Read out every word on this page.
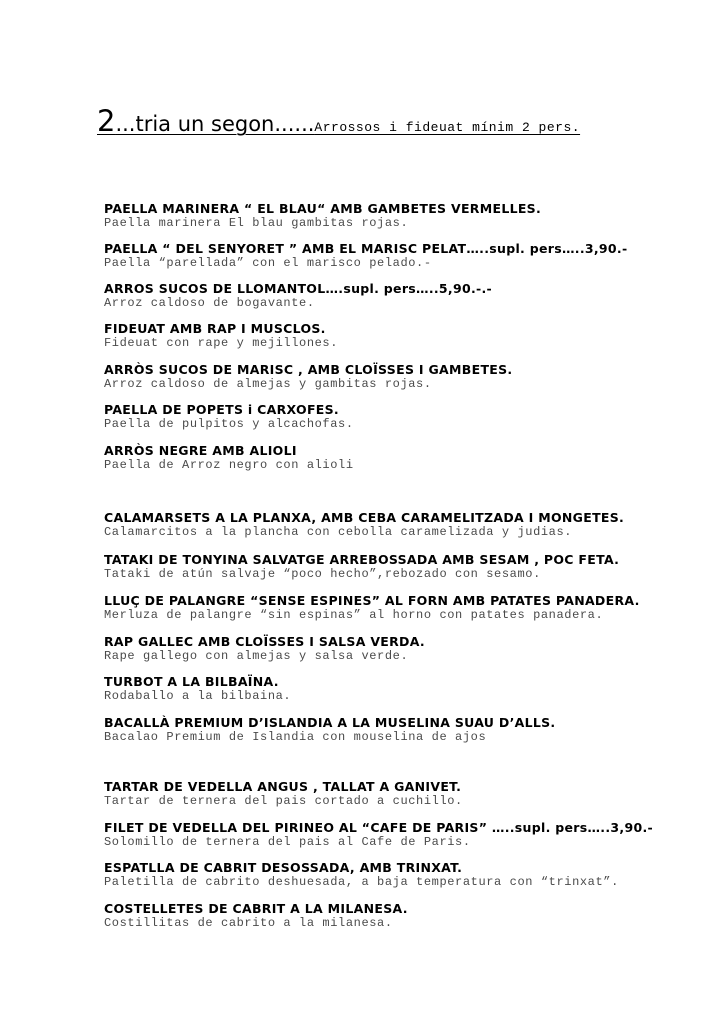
2...tria un segon......Arrossos i fideuat mínim 2 pers.
PAELLA MARINERA “ EL BLAU“ AMB GAMBETES VERMELLES.
Paella marinera El blau gambitas rojas.
PAELLA “ DEL SENYORET ” AMB EL MARISC PELAT…..supl. pers…..3,90.-
Paella “parellada” con el marisco pelado.-
ARROS SUCOS DE LLOMANTOL….supl. pers…..5,90.-.-
Arroz caldoso de bogavante.
FIDEUAT AMB RAP I MUSCLOS.
Fideuat con rape y mejillones.
ARRÒS SUCOS DE MARISC , AMB CLOÏSSES I GAMBETES.
Arroz caldoso de almejas y gambitas rojas.
PAELLA DE POPETS i CARXOFES.
Paella de pulpitos y alcachofas.
ARRÒS NEGRE AMB ALIOLI
Paella de Arroz negro con alioli
CALAMARSETS A LA PLANXA, AMB CEBA CARAMELITZADA I MONGETES.
Calamarcitos a la plancha con cebolla caramelizada y judias.
TATAKI DE TONYINA SALVATGE ARREBOSSADA AMB SESAM , POC FETA.
Tataki de atún salvaje “poco hecho”,rebozado con sesamo.
LLUÇ DE PALANGRE “SENSE ESPINES” AL FORN AMB PATATES PANADERA.
Merluza de palangre “sin espinas” al horno con patates panadera.
RAP GALLEC AMB CLOÏSSES I SALSA VERDA.
Rape gallego con almejas y salsa verde.
TURBOT A LA BILBAÏNA.
Rodaballo a la bilbaina.
BACALLÀ PREMIUM D’ISLANDIA A LA MUSELINA SUAU D’ALLS.
Bacalao Premium de Islandia con mouselina de ajos
TARTAR DE VEDELLA ANGUS , TALLAT A GANIVET.
Tartar de ternera del pais cortado a cuchillo.
FILET DE VEDELLA DEL PIRINEO AL “CAFE DE PARIS” …..supl. pers…..3,90.-
Solomillo de ternera del pais al Cafe de Paris.
ESPATLLA DE CABRIT DESOSSADA, AMB TRINXAT.
Paletilla de cabrito deshuesada, a baja temperatura con “trinxat”.
COSTELLETES DE CABRIT A LA MILANESA.
Costillitas de cabrito a la milanesa.
